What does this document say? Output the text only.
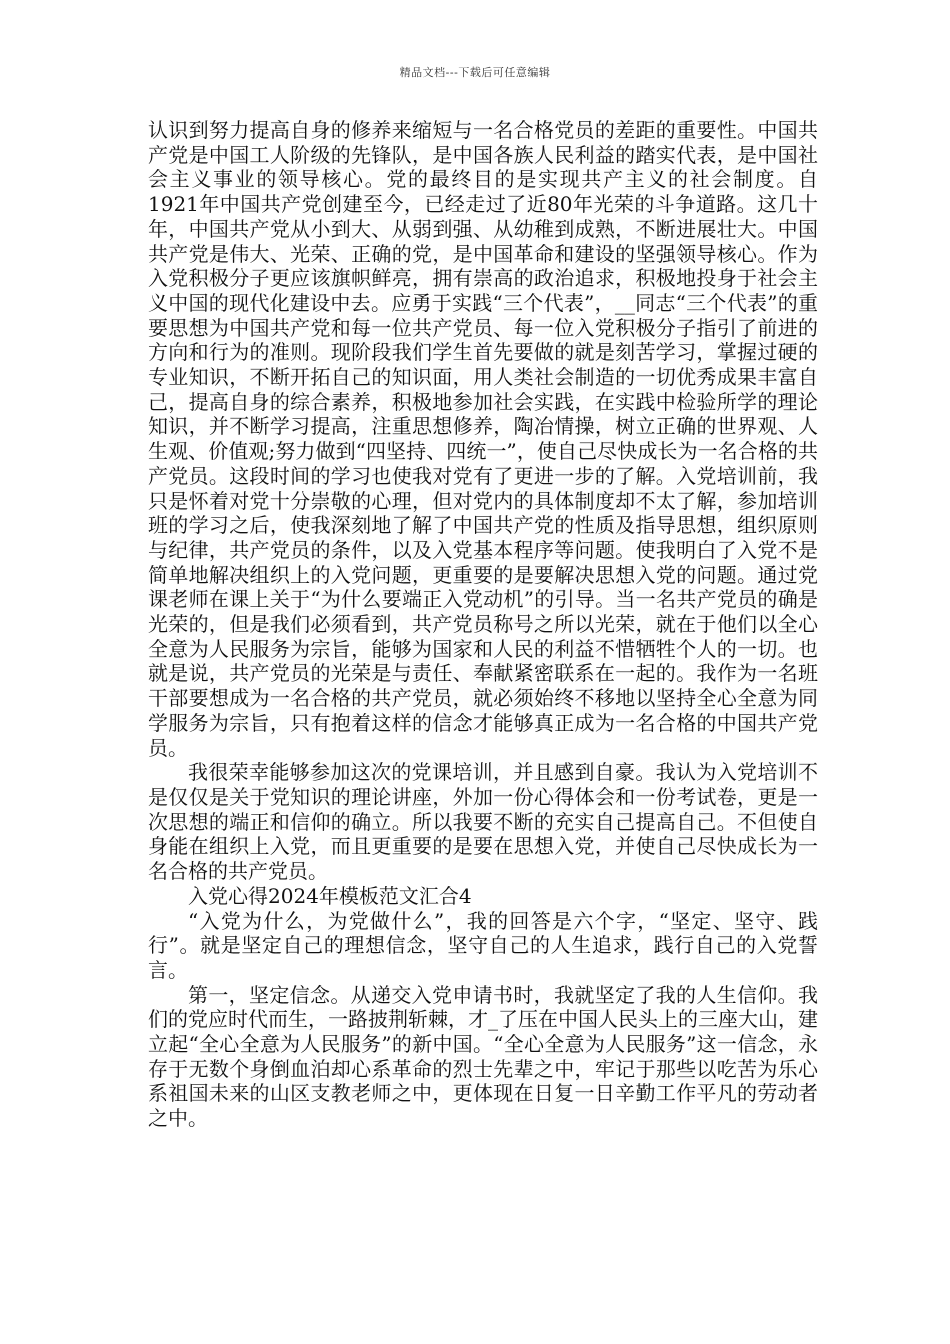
精品文档---下载后可任意编辑

认识到努力提高自身的修养来缩短与一名合格党员的差距的重要性。中国共产党是中国工人阶级的先锋队，是中国各族人民利益的踏实代表，是中国社会主义事业的领导核心。党的最终目的是实现共产主义的社会制度。自1921年中国共产党创建至今，已经走过了近80年光荣的斗争道路。这几十年，中国共产党从小到大、从弱到强、从幼稚到成熟，不断进展壮大。中国共产党是伟大、光荣、正确的党，是中国革命和建设的坚强领导核心。作为入党积极分子更应该旗帜鲜亮，拥有崇高的政治追求，积极地投身于社会主义中国的现代化建设中去。应勇于实践“三个代表”，__同志“三个代表”的重要思想为中国共产党和每一位共产党员、每一位入党积极分子指引了前进的方向和行为的准则。现阶段我们学生首先要做的就是刻苦学习，掌握过硬的专业知识，不断开拓自己的知识面，用人类社会制造的一切优秀成果丰富自己，提高自身的综合素养，积极地参加社会实践，在实践中检验所学的理论知识，并不断学习提高，注重思想修养，陶冶情操，树立正确的世界观、人生观、价值观;努力做到“四坚持、四统一”，使自己尽快成长为一名合格的共产党员。这段时间的学习也使我对党有了更进一步的了解。入党培训前，我只是怀着对党十分崇敬的心理，但对党内的具体制度却不太了解，参加培训班的学习之后，使我深刻地了解了中国共产党的性质及指导思想，组织原则与纪律，共产党员的条件，以及入党基本程序等问题。使我明白了入党不是简单地解决组织上的入党问题，更重要的是要解决思想入党的问题。通过党课老师在课上关于“为什么要端正入党动机”的引导。当一名共产党员的确是光荣的，但是我们必须看到，共产党员称号之所以光荣，就在于他们以全心全意为人民服务为宗旨，能够为国家和人民的利益不惜牺牲个人的一切。也就是说，共产党员的光荣是与责任、奉献紧密联系在一起的。我作为一名班干部要想成为一名合格的共产党员，就必须始终不移地以坚持全心全意为同学服务为宗旨，只有抱着这样的信念才能够真正成为一名合格的中国共产党员。

我很荣幸能够参加这次的党课培训，并且感到自豪。我认为入党培训不是仅仅是关于党知识的理论讲座，外加一份心得体会和一份考试卷，更是一次思想的端正和信仰的确立。所以我要不断的充实自己提高自己。不但使自身能在组织上入党，而且更重要的是要在思想入党，并使自己尽快成长为一名合格的共产党员。

入党心得2024年模板范文汇合4

“入党为什么，为党做什么”，我的回答是六个字，“坚定、坚守、践行”。就是坚定自己的理想信念，坚守自己的人生追求，践行自己的入党誓言。

第一，坚定信念。从递交入党申请书时，我就坚定了我的人生信仰。我们的党应时代而生，一路披荆斩棘，才_了压在中国人民头上的三座大山，建立起“全心全意为人民服务”的新中国。“全心全意为人民服务”这一信念，永存于无数个身倒血泊却心系革命的烈士先辈之中，牢记于那些以吃苦为乐心系祖国未来的山区支教老师之中，更体现在日复一日辛勤工作平凡的劳动者之中。
